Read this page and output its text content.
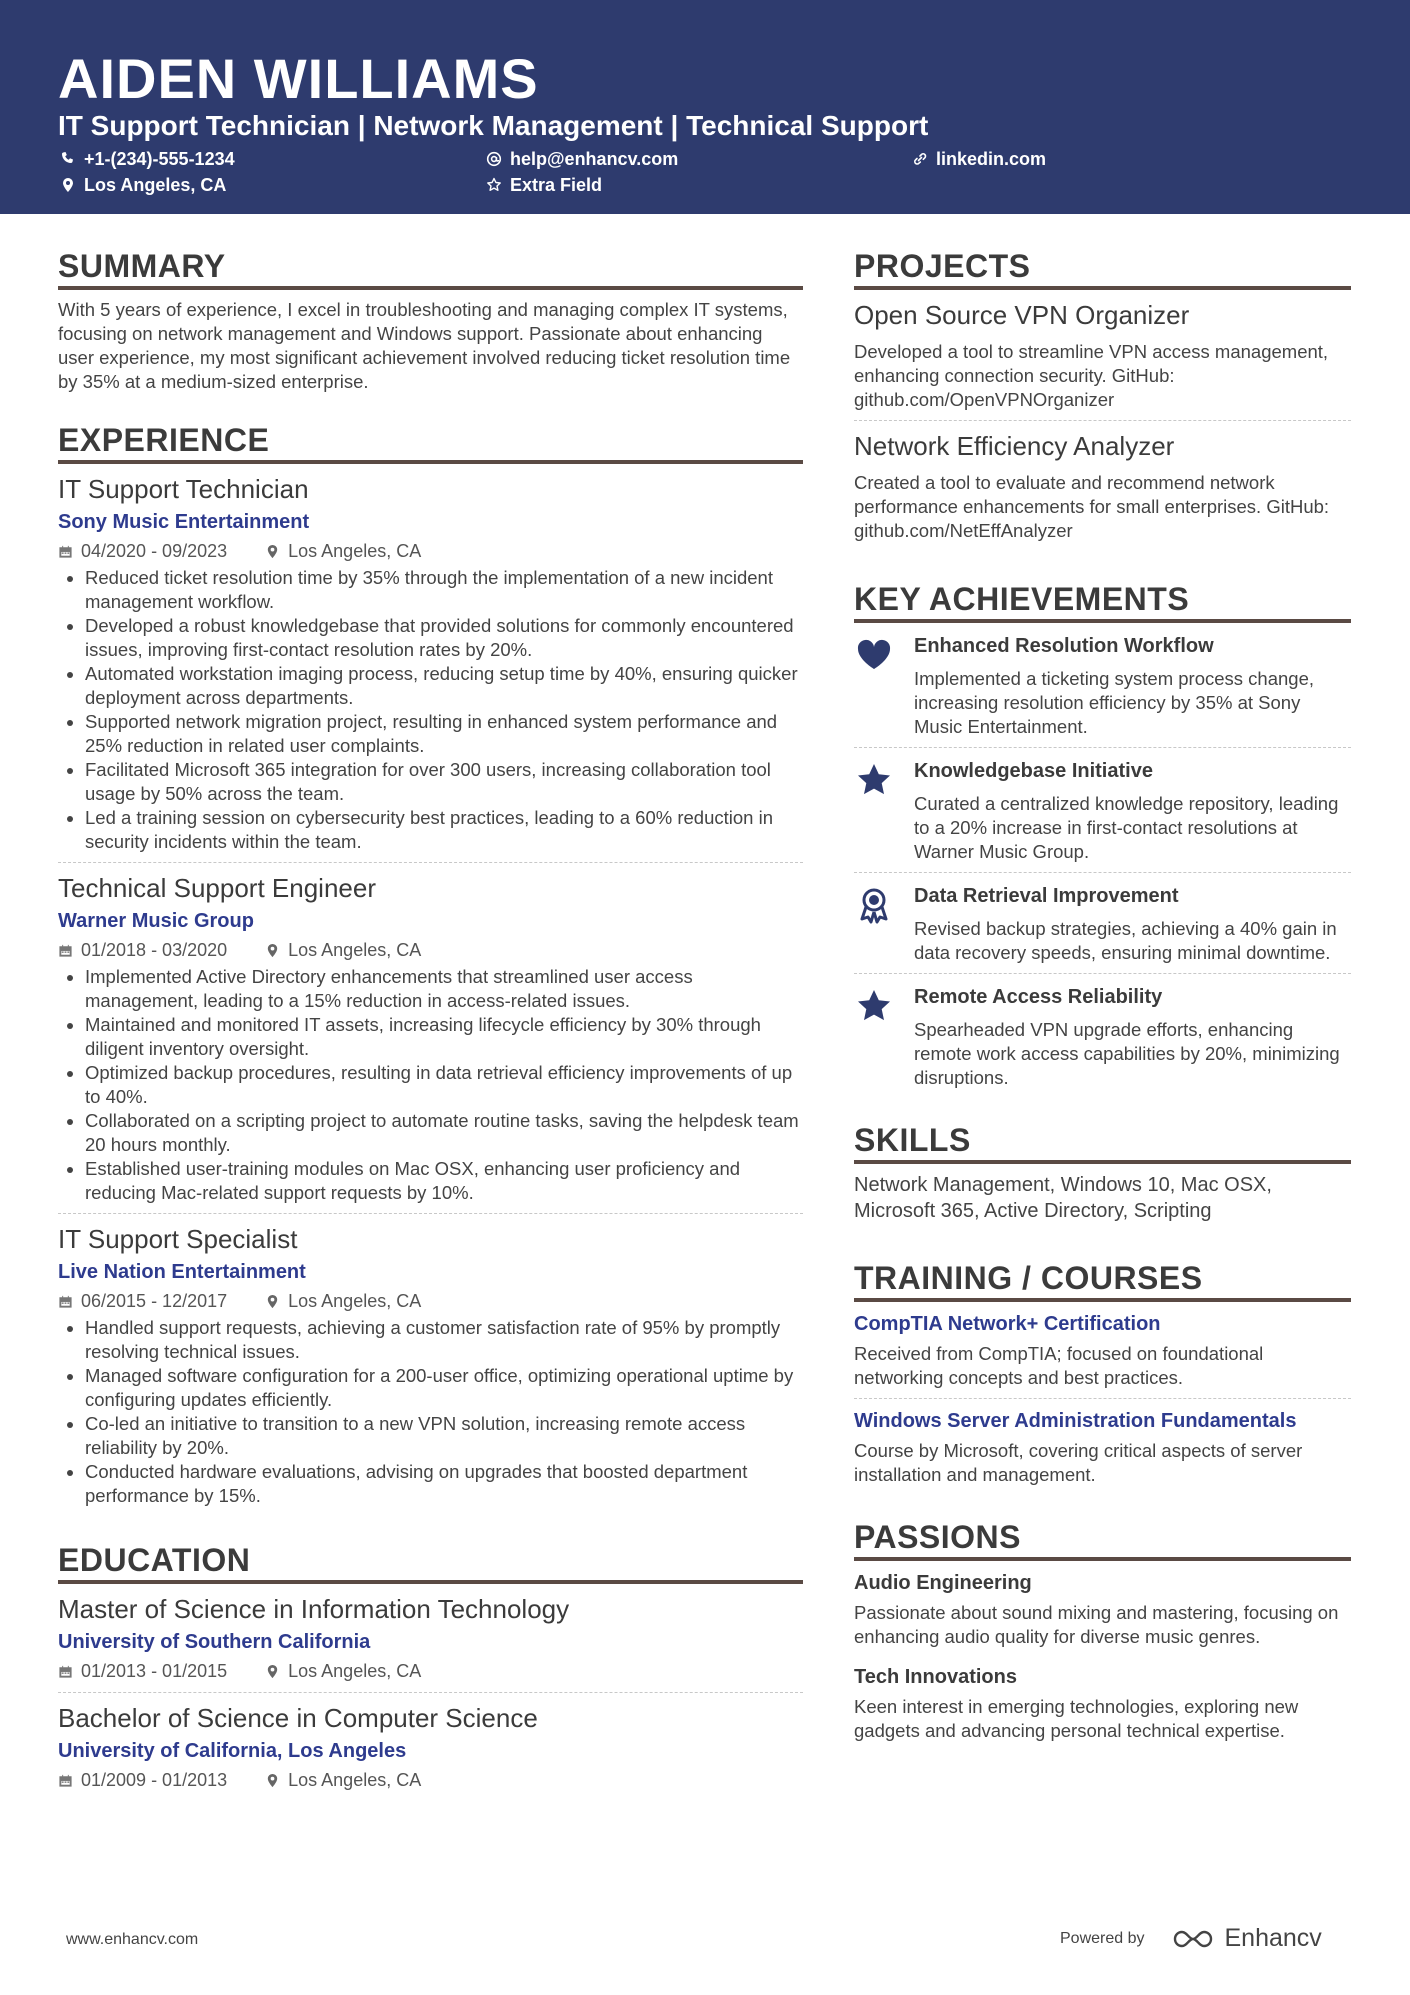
AIDEN WILLIAMS
IT Support Technician | Network Management | Technical Support
+1-(234)-555-1234	help@enhancv.com	linkedin.com
Los Angeles, CA	Extra Field
SUMMARY

With 5 years of experience, I excel in troubleshooting and managing complex IT systems, focusing on network management and Windows support. Passionate about enhancing user experience, my most significant achievement involved reducing ticket resolution time by 35% at a medium-sized enterprise.

EXPERIENCE
IT Support Technician
Sony Music Entertainment
04/2020 - 09/2023	Los Angeles, CA
• Reduced ticket resolution time by 35% through the implementation of a new incident management workflow.
• Developed a robust knowledgebase that provided solutions for commonly encountered issues, improving first-contact resolution rates by 20%.
• Automated workstation imaging process, reducing setup time by 40%, ensuring quicker deployment across departments.
• Supported network migration project, resulting in enhanced system performance and 25% reduction in related user complaints.
• Facilitated Microsoft 365 integration for over 300 users, increasing collaboration tool usage by 50% across the team.
• Led a training session on cybersecurity best practices, leading to a 60% reduction in security incidents within the team.
Technical Support Engineer
Warner Music Group
01/2018 - 03/2020	Los Angeles, CA
• Implemented Active Directory enhancements that streamlined user access management, leading to a 15% reduction in access-related issues.
• Maintained and monitored IT assets, increasing lifecycle efficiency by 30% through diligent inventory oversight.
• Optimized backup procedures, resulting in data retrieval efficiency improvements of up to 40%.
• Collaborated on a scripting project to automate routine tasks, saving the helpdesk team 20 hours monthly.
• Established user-training modules on Mac OSX, enhancing user proficiency and reducing Mac-related support requests by 10%.
IT Support Specialist
Live Nation Entertainment
06/2015 - 12/2017	Los Angeles, CA
• Handled support requests, achieving a customer satisfaction rate of 95% by promptly resolving technical issues.
• Managed software configuration for a 200-user office, optimizing operational uptime by configuring updates efficiently.
• Co-led an initiative to transition to a new VPN solution, increasing remote access reliability by 20%.
• Conducted hardware evaluations, advising on upgrades that boosted department performance by 15%.
EDUCATION
Master of Science in Information Technology
University of Southern California
01/2013 - 01/2015	Los Angeles, CA
Bachelor of Science in Computer Science
University of California, Los Angeles
01/2009 - 01/2013	Los Angeles, CA
PROJECTS
Open Source VPN Organizer

Developed a tool to streamline VPN access management, enhancing connection security. GitHub: github.com/OpenVPNOrganizer

Network Efficiency Analyzer

Created a tool to evaluate and recommend network performance enhancements for small enterprises. GitHub: github.com/NetEffAnalyzer

KEY ACHIEVEMENTS
Enhanced Resolution Workflow

Implemented a ticketing system process change, increasing resolution efficiency by 35% at Sony Music Entertainment.

Knowledgebase Initiative

Curated a centralized knowledge repository, leading to a 20% increase in first-contact resolutions at Warner Music Group.

Data Retrieval Improvement

Revised backup strategies, achieving a 40% gain in data recovery speeds, ensuring minimal downtime.

Remote Access Reliability

Spearheaded VPN upgrade efforts, enhancing remote work access capabilities by 20%, minimizing disruptions.

SKILLS

Network Management, Windows 10, Mac OSX, Microsoft 365, Active Directory, Scripting

TRAINING / COURSES
CompTIA Network+ Certification

Received from CompTIA; focused on foundational networking concepts and best practices.

Windows Server Administration Fundamentals

Course by Microsoft, covering critical aspects of server installation and management.

PASSIONS
Audio Engineering

Passionate about sound mixing and mastering, focusing on enhancing audio quality for diverse music genres.

Tech Innovations

Keen interest in emerging technologies, exploring new gadgets and advancing personal technical expertise.

www.enhancv.com	Powered by	Enhancv
